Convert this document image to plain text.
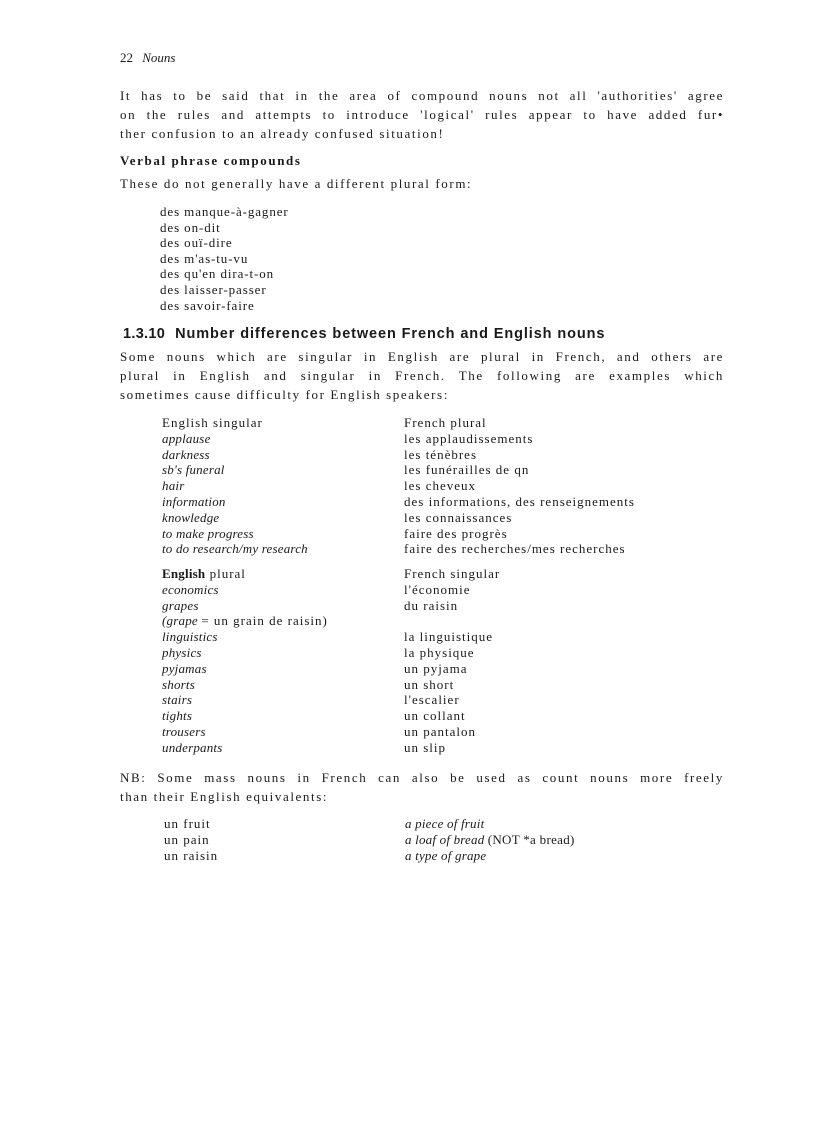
22 Nouns

It has to be said that in the area of compound nouns not all 'authorities' agree
on the rules and attempts to introduce 'logical' rules appear to have added fur•
ther confusion to an already confused situation!

Verbal phrase compounds

These do not generally have a different plural form:

des manque-à-gagner
des on-dit
des ouï-dire
des m'as-tu-vu
des qu'en dira-t-on
des laisser-passer
des savoir-faire
1.3.10 Number differences between French and English nouns

Some nouns which are singular in English are plural in French, and others are
plural in English and singular in French. The following are examples which
sometimes cause difficulty for English speakers:

English singular
applause
darkness
sb's funeral
hair
information
knowledge
to make progress
to do research/my research
French plural
les applaudissements
les ténèbres
les funérailles de qn
les cheveux
des informations, des renseignements
les connaissances
faire des progrès
faire des recherches/mes recherches
English plural
economics
grapes
(grape = un grain de raisin)
linguistics
physics
pyjamas
shorts
stairs
tights
trousers
underpants
French singular
l'économie
du raisin
la linguistique
la physique
un pyjama
un short
l'escalier
un collant
un pantalon
un slip

NB: Some mass nouns in French can also be used as count nouns more freely
than their English equivalents:

un fruit
un pain
un raisin
a piece of fruit
a loaf of bread (NOT *a bread)
a type of grape
